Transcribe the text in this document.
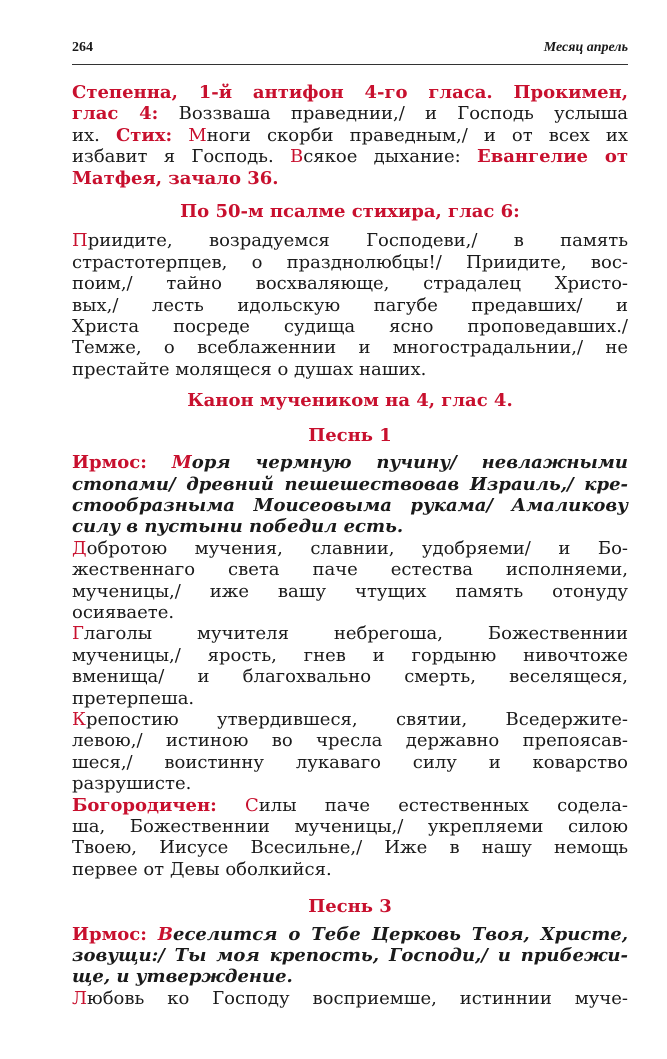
264	Месяц апрель

Степенна, 1-й антифон 4-го гласа. Прокимен,
глас 4: Воззваша праведнии,/ и Господь услыша
их. Стих: Многи скорби праведным,/ и от всех их
избавит я Господь. Всякое дыхание: Евангелие от
Матфея, зачало 36.

По 50-м псалме стихира, глас 6:

Приидите, возрадуемся Господеви,/ в память
страстотерпцев, о празднолюбцы!/ Приидите, вос-
поим,/ тайно восхваляюще, страдалец Христо-
вых,/ лесть идольскую пагубе предавших/ и
Христа посреде судища ясно проповедавших./
Темже, о всеблаженнии и многострадальнии,/ не
престайте молящеся о душах наших.

Канон мучеником на 4, глас 4.
Песнь 1

Ирмос: Моря чермную пучину/ невлажными
стопами/ древний пешешествовав Израиль,/ кре-
стообразныма Моисеовыма рукама/ Амаликову
силу в пустыни победил есть.

Добротою мучения, славнии, удобряеми/ и Бо-
жественнаго света паче естества исполняеми,
мученицы,/ иже вашу чтущих память отонуду
осияваете.

Глаголы мучителя небрегоша, Божественнии
мученицы,/ ярость, гнев и гордыню нивочтоже
вменища/ и благохвально смерть, веселящеся,
претерпеша.

Крепостию утвердившеся, святии, Вседержите-
левою,/ истиною во чресла державно препоясав-
шеся,/ воистинну лукаваго силу и коварство
разрушисте.

Богородичен: Силы паче естественных содела-
ша, Божественнии мученицы,/ укрепляеми силою
Твоею, Иисусе Всесильне,/ Иже в нашу немощь
первее от Девы оболкийся.

Песнь 3

Ирмос: Веселится о Тебе Церковь Твоя, Христе,
зовущи:/ Ты моя крепость, Господи,/ и прибежи-
ще, и утверждение.

Любовь ко Господу восприемше, истиннии муче-
